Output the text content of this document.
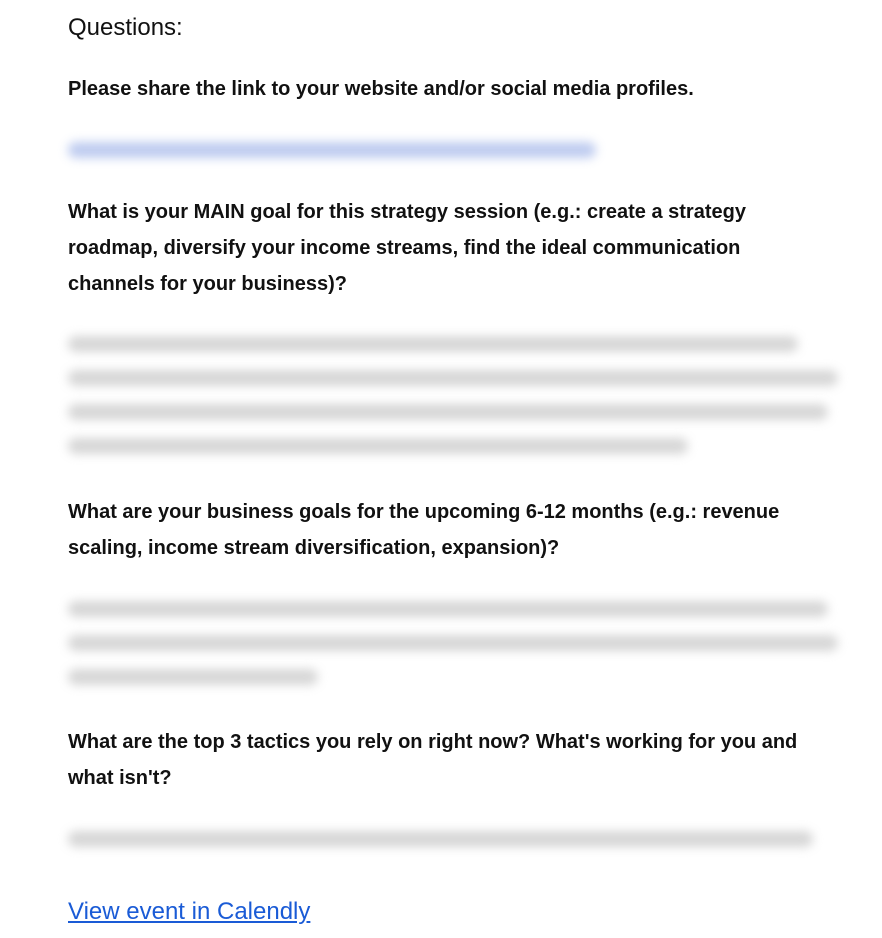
Questions:

Please share the link to your website and/or social media profiles.

What is your MAIN goal for this strategy session (e.g.: create a strategy roadmap, diversify your income streams, find the ideal communication channels for your business)?

What are your business goals for the upcoming 6-12 months (e.g.: revenue scaling, income stream diversification, expansion)?

What are the top 3 tactics you rely on right now? What's working for you and what isn't?

View event in Calendly
